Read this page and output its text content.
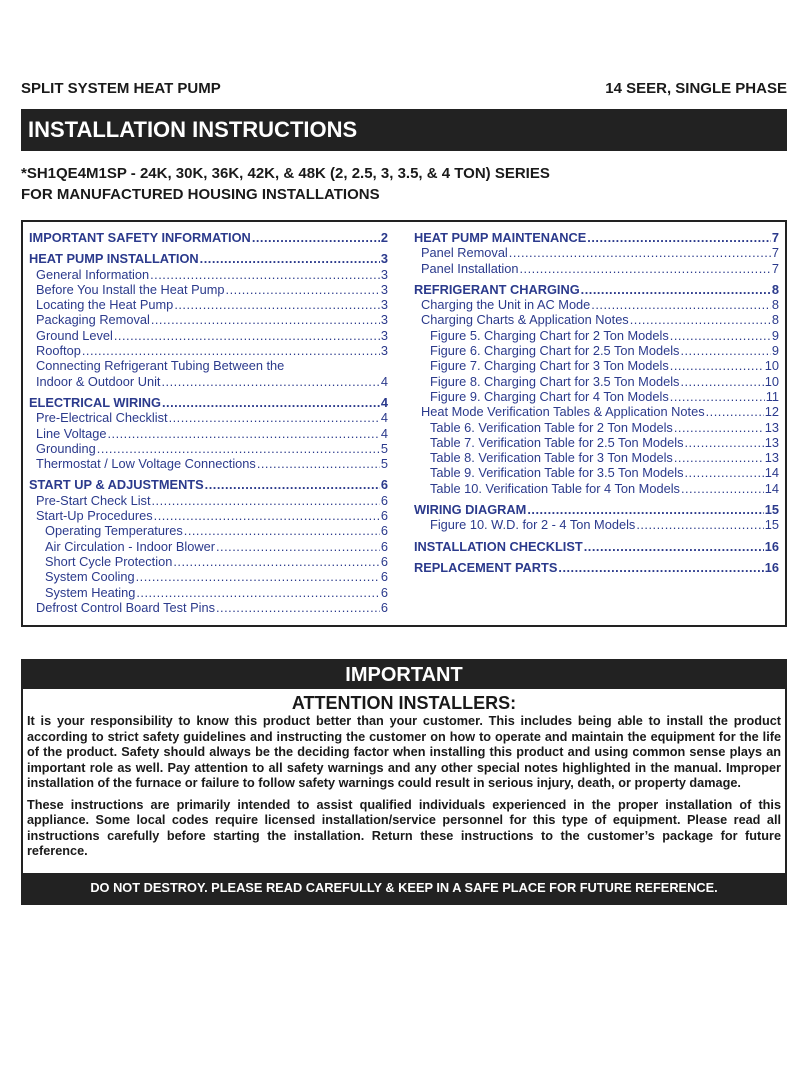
SPLIT SYSTEM HEAT PUMP	14 SEER, SINGLE PHASE
INSTALLATION INSTRUCTIONS
*SH1QE4M1SP - 24K, 30K, 36K, 42K, & 48K (2, 2.5, 3, 3.5, & 4 TON) SERIES
FOR MANUFACTURED HOUSING INSTALLATIONS
IMPORTANT SAFETY INFORMATION .....	2
HEAT PUMP INSTALLATION .....	3
General Information .....	3
Before You Install the Heat Pump .....	3
Locating the Heat Pump .....	3
Packaging Removal .....	3
Ground Level .....	3
Rooftop .....	3
Connecting Refrigerant Tubing Between the
Indoor & Outdoor Unit .....	4
ELECTRICAL WIRING .....	4
Pre-Electrical Checklist .....	4
Line Voltage .....	4
Grounding .....	5
Thermostat / Low Voltage Connections .....	5
START UP & ADJUSTMENTS .....	6
Pre-Start Check List .....	6
Start-Up Procedures .....	6
Operating Temperatures .....	6
Air Circulation - Indoor Blower .....	6
Short Cycle Protection .....	6
System Cooling .....	6
System Heating .....	6
Defrost Control Board Test Pins .....	6
HEAT PUMP MAINTENANCE .....	7
Panel Removal .....	7
Panel Installation .....	7
REFRIGERANT CHARGING .....	8
Charging the Unit in AC Mode .....	8
Charging Charts & Application Notes .....	8
Figure 5. Charging Chart for 2 Ton Models .....	9
Figure 6. Charging Chart for 2.5 Ton Models .....	9
Figure 7. Charging Chart for 3 Ton Models .....	10
Figure 8. Charging Chart for 3.5 Ton Models .....	10
Figure 9. Charging Chart for 4 Ton Models .....	11
Heat Mode Verification Tables & Application Notes .....	12
Table 6. Verification Table for 2 Ton Models .....	13
Table 7. Verification Table for 2.5 Ton Models .....	13
Table 8. Verification Table for 3 Ton Models .....	13
Table 9. Verification Table for 3.5 Ton Models .....	14
Table 10. Verification Table for 4 Ton Models .....	14
WIRING DIAGRAM .....	15
Figure 10. W.D. for 2 - 4 Ton Models .....	15
INSTALLATION CHECKLIST .....	16
REPLACEMENT PARTS .....	16
IMPORTANT
ATTENTION INSTALLERS:
It is your responsibility to know this product better than your customer. This includes being able to install the product according to strict safety guidelines and instructing the customer on how to operate and maintain the equipment for the life of the product. Safety should always be the deciding factor when installing this product and using common sense plays an important role as well. Pay attention to all safety warnings and any other special notes highlighted in the manual. Improper installation of the furnace or failure to follow safety warnings could result in serious injury, death, or property damage.
These instructions are primarily intended to assist qualified individuals experienced in the proper installation of this appliance. Some local codes require licensed installation/service personnel for this type of equipment. Please read all instructions carefully before starting the installation. Return these instructions to the customer’s package for future reference.
DO NOT DESTROY. PLEASE READ CAREFULLY & KEEP IN A SAFE PLACE FOR FUTURE REFERENCE.
